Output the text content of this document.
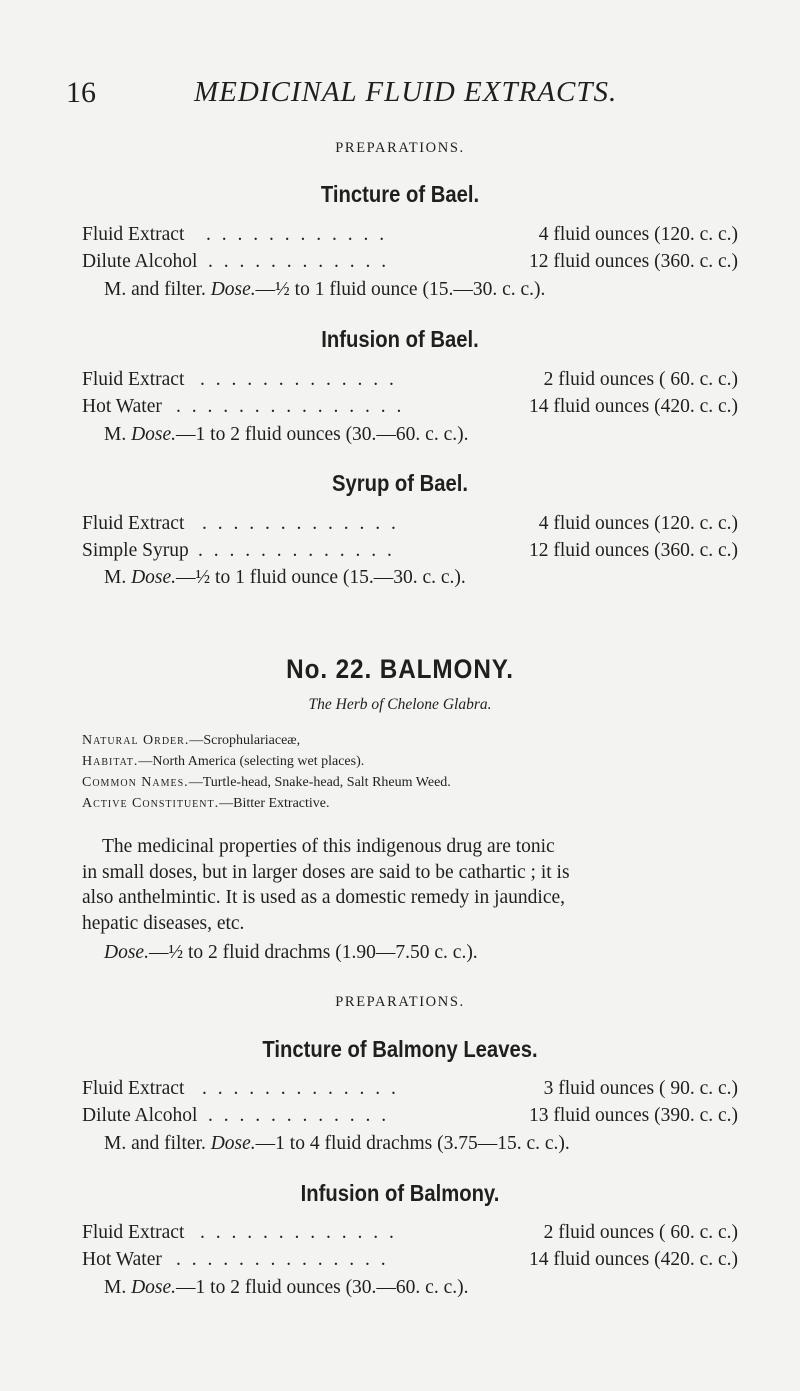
16	MEDICINAL FLUID EXTRACTS.
PREPARATIONS.
Tincture of Bael.
Fluid Extract . . . . . . . . . . . .	4 fluid ounces (120. c. c.)
Dilute Alcohol . . . . . . . . . . . .	12 fluid ounces (360. c. c.)
M. and filter. Dose.—½ to 1 fluid ounce (15.—30. c. c.).
Infusion of Bael.
Fluid Extract . . . . . . . . . . . . .	2 fluid ounces ( 60. c. c.)
Hot Water . . . . . . . . . . . . . . .	14 fluid ounces (420. c. c.)
M. Dose.—1 to 2 fluid ounces (30.—60. c. c.).
Syrup of Bael.
Fluid Extract . . . . . . . . . . . . .	4 fluid ounces (120. c. c.)
Simple Syrup . . . . . . . . . . . . .	12 fluid ounces (360. c. c.)
M. Dose.—½ to 1 fluid ounce (15.—30. c. c.).
No. 22. BALMONY.
The Herb of Chelone Glabra.
Natural Order.—Scrophulariaceæ,
Habitat.—North America (selecting wet places).
Common Names.—Turtle-head, Snake-head, Salt Rheum Weed.
Active Constituent.—Bitter Extractive.
The medicinal properties of this indigenous drug are tonic
in small doses, but in larger doses are said to be cathartic ; it is
also anthelmintic. It is used as a domestic remedy in jaundice,
hepatic diseases, etc.
Dose.—½ to 2 fluid drachms (1.90—7.50 c. c.).
PREPARATIONS.
Tincture of Balmony Leaves.
Fluid Extract . . . . . . . . . . . . .	3 fluid ounces ( 90. c. c.)
Dilute Alcohol . . . . . . . . . . . .	13 fluid ounces (390. c. c.)
M. and filter. Dose.—1 to 4 fluid drachms (3.75—15. c. c.).
Infusion of Balmony.
Fluid Extract . . . . . . . . . . . . .	2 fluid ounces ( 60. c. c.)
Hot Water . . . . . . . . . . . . . .	14 fluid ounces (420. c. c.)
M. Dose.—1 to 2 fluid ounces (30.—60. c. c.).
